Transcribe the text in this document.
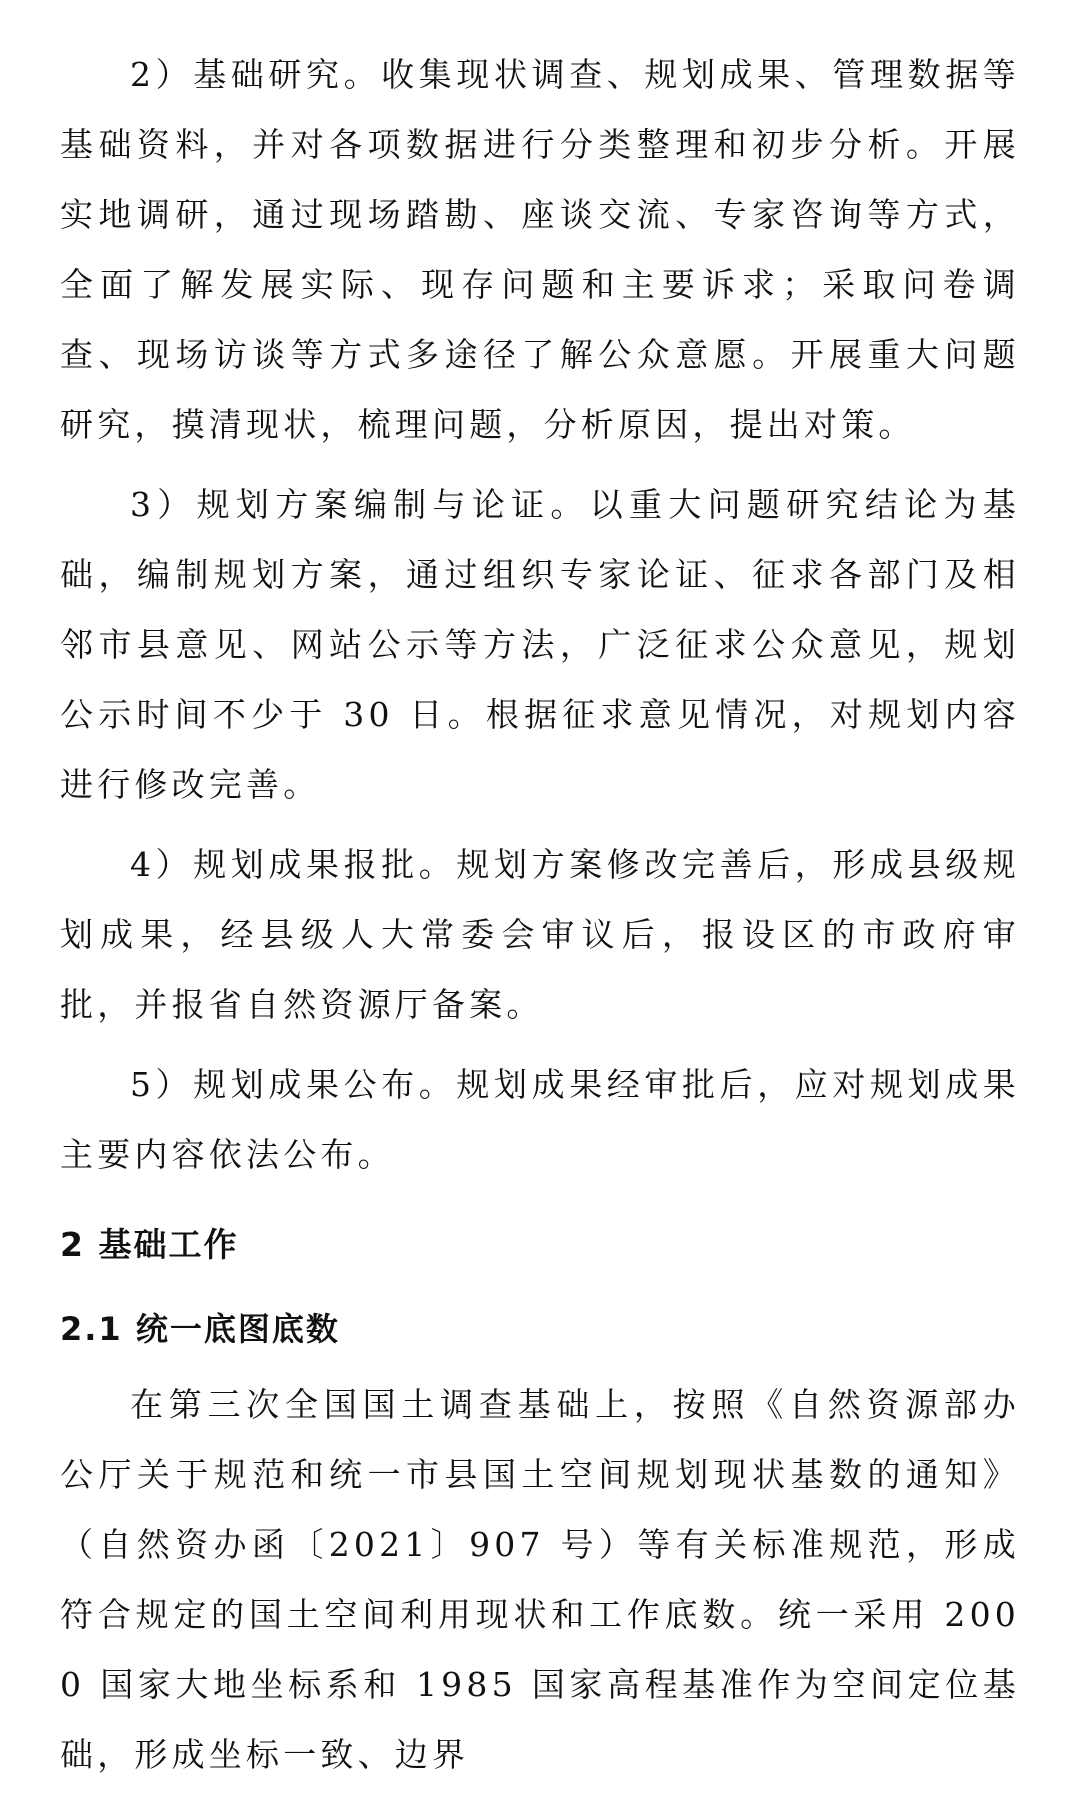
2）基础研究。收集现状调查、规划成果、管理数据等基础资料，并对各项数据进行分类整理和初步分析。开展实地调研，通过现场踏勘、座谈交流、专家咨询等方式，全面了解发展实际、现存问题和主要诉求；采取问卷调查、现场访谈等方式多途径了解公众意愿。开展重大问题研究，摸清现状，梳理问题，分析原因，提出对策。

3）规划方案编制与论证。以重大问题研究结论为基础，编制规划方案，通过组织专家论证、征求各部门及相邻市县意见、网站公示等方法，广泛征求公众意见，规划公示时间不少于 30 日。根据征求意见情况，对规划内容进行修改完善。

4）规划成果报批。规划方案修改完善后，形成县级规划成果，经县级人大常委会审议后，报设区的市政府审批，并报省自然资源厅备案。

5）规划成果公布。规划成果经审批后，应对规划成果主要内容依法公布。

2 基础工作
2.1 统一底图底数

在第三次全国国土调查基础上，按照《自然资源部办公厅关于规范和统一市县国土空间规划现状基数的通知》（自然资办函〔2021〕907 号）等有关标准规范，形成符合规定的国土空间利用现状和工作底数。统一采用 2000 国家大地坐标系和 1985 国家高程基准作为空间定位基础，形成坐标一致、边界
